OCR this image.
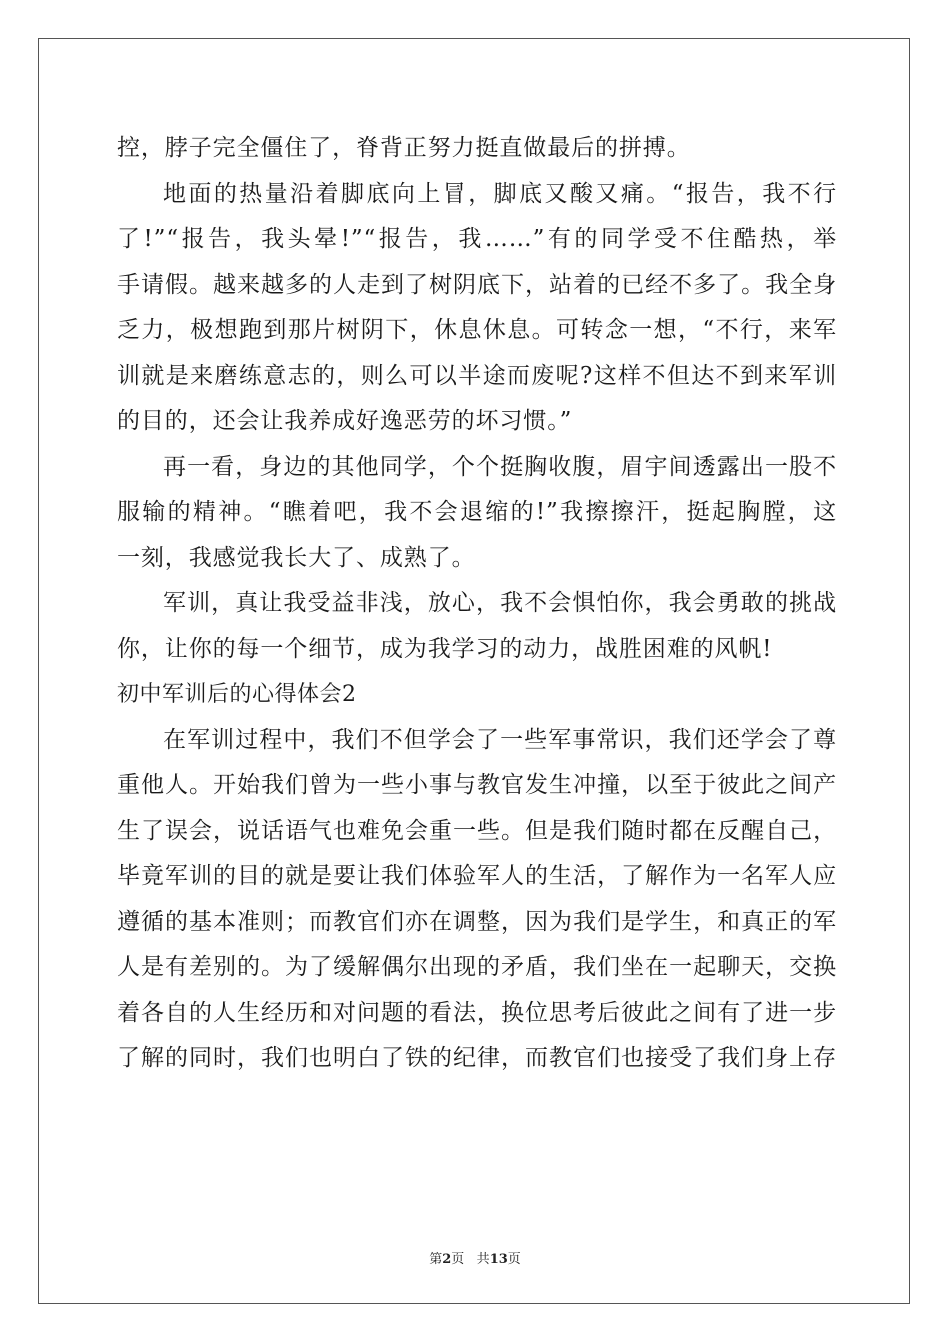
控，脖子完全僵住了，脊背正努力挺直做最后的拼搏。

地面的热量沿着脚底向上冒，脚底又酸又痛。“报告，我不行
了!”“报告，我头晕!”“报告，我……”有的同学受不住酷热，举
手请假。越来越多的人走到了树阴底下，站着的已经不多了。我全身
乏力，极想跑到那片树阴下，休息休息。可转念一想，“不行，来军
训就是来磨练意志的，则么可以半途而废呢?这样不但达不到来军训
的目的，还会让我养成好逸恶劳的坏习惯。”

再一看，身边的其他同学，个个挺胸收腹，眉宇间透露出一股不
服输的精神。“瞧着吧，我不会退缩的!”我擦擦汗，挺起胸膛，这
一刻，我感觉我长大了、成熟了。

军训，真让我受益非浅，放心，我不会惧怕你，我会勇敢的挑战
你，让你的每一个细节，成为我学习的动力，战胜困难的风帆!

初中军训后的心得体会2

在军训过程中，我们不但学会了一些军事常识，我们还学会了尊
重他人。开始我们曾为一些小事与教官发生冲撞，以至于彼此之间产
生了误会，说话语气也难免会重一些。但是我们随时都在反醒自己，
毕竟军训的目的就是要让我们体验军人的生活，了解作为一名军人应
遵循的基本准则；而教官们亦在调整，因为我们是学生，和真正的军
人是有差别的。为了缓解偶尔出现的矛盾，我们坐在一起聊天，交换
着各自的人生经历和对问题的看法，换位思考后彼此之间有了进一步
了解的同时，我们也明白了铁的纪律，而教官们也接受了我们身上存

第2页 共13页
